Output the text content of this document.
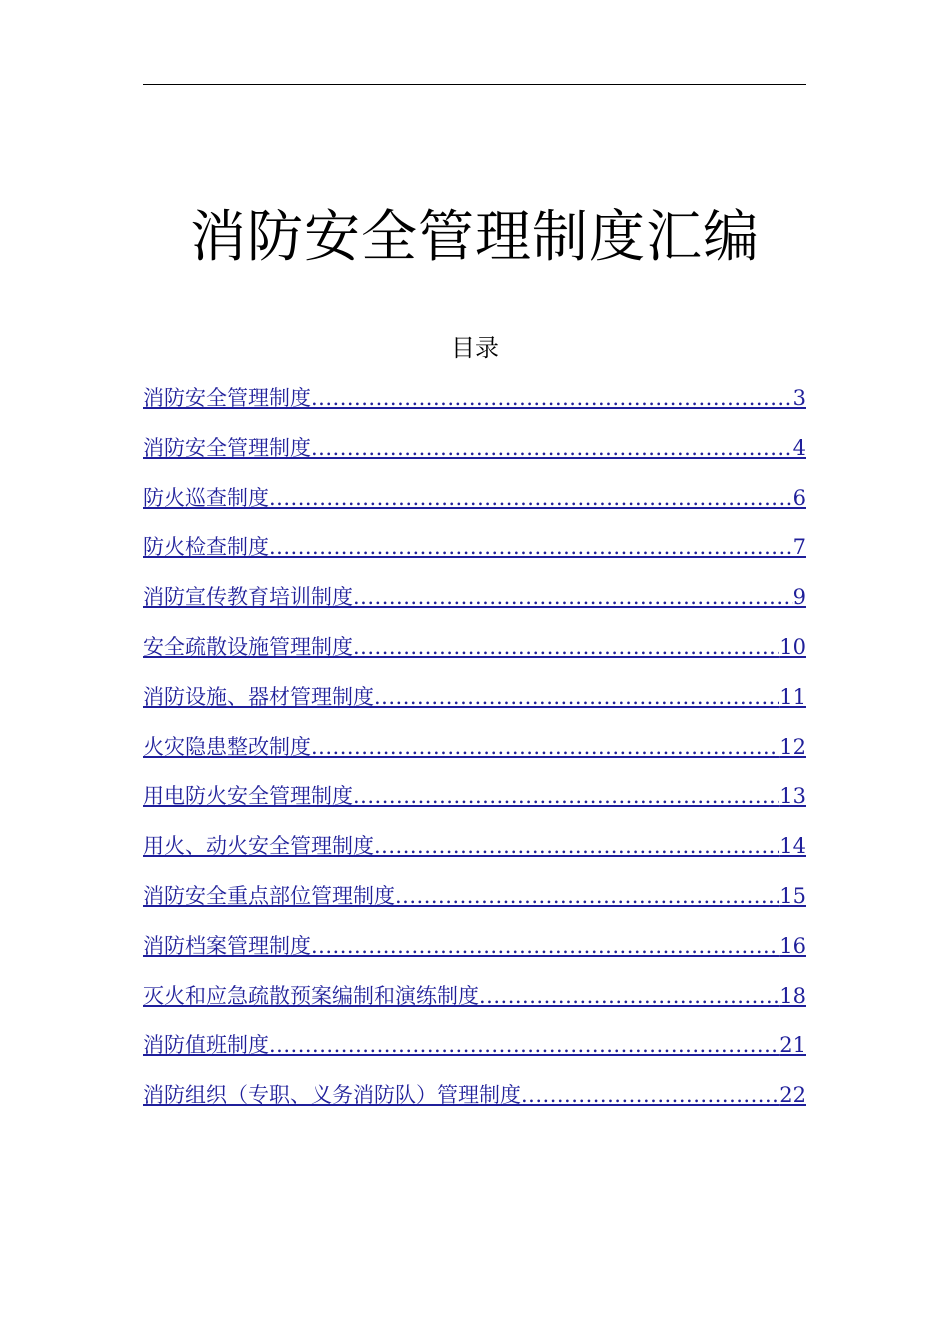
消防安全管理制度汇编
目录
消防安全管理制度 .....	3
消防安全管理制度 .....	4
防火巡查制度 .....	6
防火检查制度 .....	7
消防宣传教育培训制度 .....	9
安全疏散设施管理制度 .....	10
消防设施、器材管理制度 .....	11
火灾隐患整改制度 .....	12
用电防火安全管理制度 .....	13
用火、动火安全管理制度 .....	14
消防安全重点部位管理制度 .....	15
消防档案管理制度 .....	16
灭火和应急疏散预案编制和演练制度 .....	18
消防值班制度 .....	21
消防组织（专职、义务消防队）管理制度 .....	22
